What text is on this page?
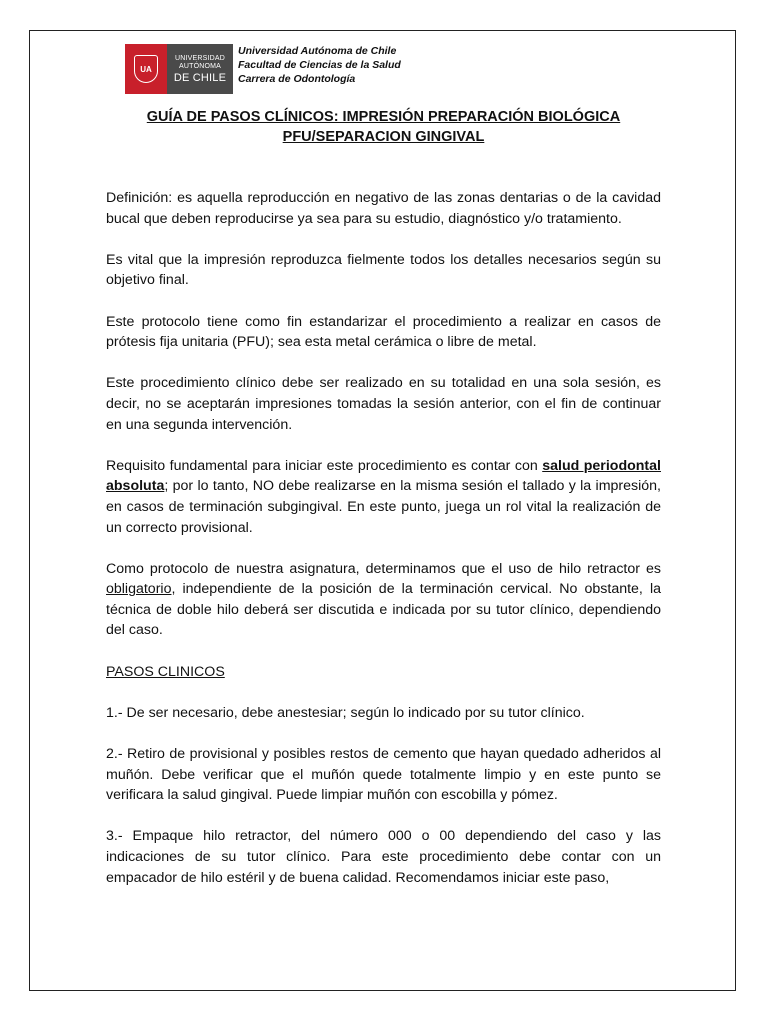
UA
UNIVERSIDAD
AUTÓNOMA
DE CHILE
Universidad Autónoma de Chile
Facultad de Ciencias de la Salud
Carrera de Odontología
GUÍA DE PASOS CLÍNICOS: IMPRESIÓN PREPARACIÓN BIOLÓGICA
PFU/SEPARACION GINGIVAL

Definición: es aquella reproducción en negativo de las zonas dentarias o de la cavidad bucal que deben reproducirse ya sea para su estudio, diagnóstico y/o tratamiento.

Es vital que la impresión reproduzca fielmente todos los detalles necesarios según su objetivo final.

Este protocolo tiene como fin estandarizar el procedimiento a realizar en casos de prótesis fija unitaria (PFU); sea esta metal cerámica o libre de metal.

Este procedimiento clínico debe ser realizado en su totalidad en una sola sesión, es decir, no se aceptarán impresiones tomadas la sesión anterior, con el fin de continuar en una segunda intervención.

Requisito fundamental para iniciar este procedimiento es contar con salud periodontal absoluta; por lo tanto, NO debe realizarse en la misma sesión el tallado y la impresión, en casos de terminación subgingival. En este punto, juega un rol vital la realización de un correcto provisional.

Como protocolo de nuestra asignatura, determinamos que el uso de hilo retractor es obligatorio, independiente de la posición de la terminación cervical. No obstante, la técnica de doble hilo deberá ser discutida e indicada por su tutor clínico, dependiendo del caso.

PASOS CLINICOS

1.- De ser necesario, debe anestesiar; según lo indicado por su tutor clínico.

2.- Retiro de provisional y posibles restos de cemento que hayan quedado adheridos al muñón. Debe verificar que el muñón quede totalmente limpio y en este punto se verificara la salud gingival. Puede limpiar muñón con escobilla y pómez.

3.- Empaque hilo retractor, del número 000 o 00 dependiendo del caso y las indicaciones de su tutor clínico. Para este procedimiento debe contar con un empacador de hilo estéril y de buena calidad. Recomendamos iniciar este paso,
